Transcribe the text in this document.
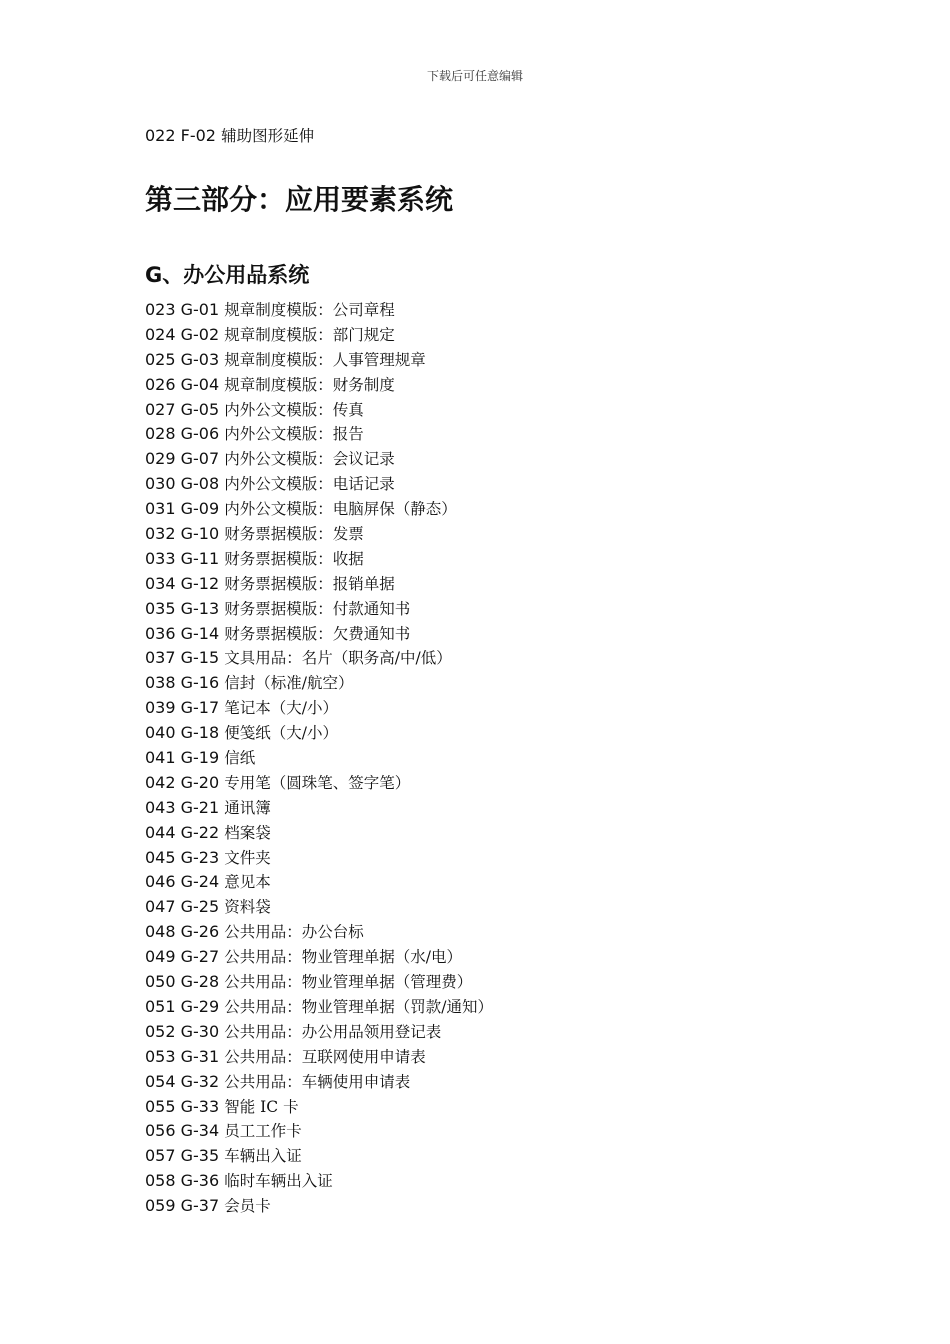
下载后可任意编辑
022 F-02 辅助图形延伸
第三部分：应用要素系统
G、办公用品系统
023 G-01 规章制度模版：公司章程
024 G-02 规章制度模版：部门规定
025 G-03 规章制度模版：人事管理规章
026 G-04 规章制度模版：财务制度
027 G-05 内外公文模版：传真
028 G-06 内外公文模版：报告
029 G-07 内外公文模版：会议记录
030 G-08 内外公文模版：电话记录
031 G-09 内外公文模版：电脑屏保（静态）
032 G-10 财务票据模版：发票
033 G-11 财务票据模版：收据
034 G-12 财务票据模版：报销单据
035 G-13 财务票据模版：付款通知书
036 G-14 财务票据模版：欠费通知书
037 G-15 文具用品：名片（职务高/中/低）
038 G-16 信封（标准/航空）
039 G-17 笔记本（大/小）
040 G-18 便笺纸（大/小）
041 G-19 信纸
042 G-20 专用笔（圆珠笔、签字笔）
043 G-21 通讯簿
044 G-22 档案袋
045 G-23 文件夹
046 G-24 意见本
047 G-25 资料袋
048 G-26 公共用品：办公台标
049 G-27 公共用品：物业管理单据（水/电）
050 G-28 公共用品：物业管理单据（管理费）
051 G-29 公共用品：物业管理单据（罚款/通知）
052 G-30 公共用品：办公用品领用登记表
053 G-31 公共用品：互联网使用申请表
054 G-32 公共用品：车辆使用申请表
055 G-33 智能 IC 卡
056 G-34 员工工作卡
057 G-35 车辆出入证
058 G-36 临时车辆出入证
059 G-37 会员卡
